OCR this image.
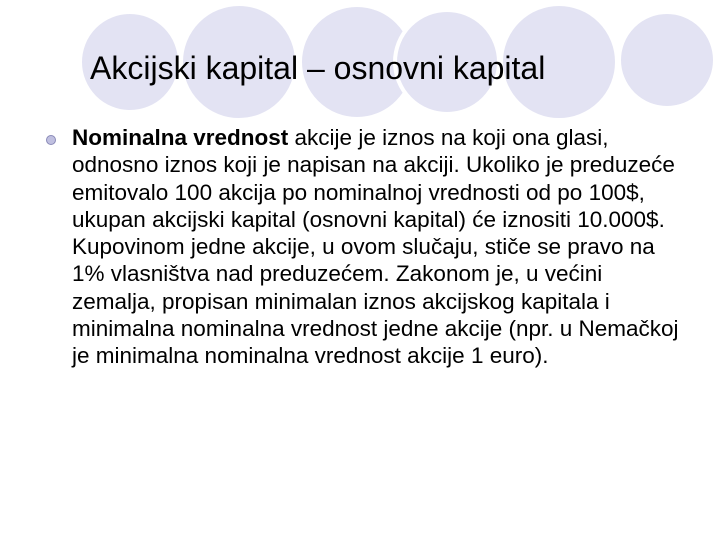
Akcijski kapital – osnovni kapital

Nominalna vrednost akcije je iznos na koji ona glasi, odnosno iznos koji je napisan na akciji. Ukoliko je preduzeće emitovalo 100 akcija po nominalnoj vrednosti od po 100$, ukupan akcijski kapital (osnovni kapital) će iznositi 10.000$. Kupovinom jedne akcije, u ovom slučaju, stiče se pravo na 1% vlasništva nad preduzećem. Zakonom je, u većini zemalja, propisan minimalan iznos akcijskog kapitala i minimalna nominalna vrednost jedne akcije (npr. u Nemačkoj je minimalna nominalna vrednost akcije 1 euro).
